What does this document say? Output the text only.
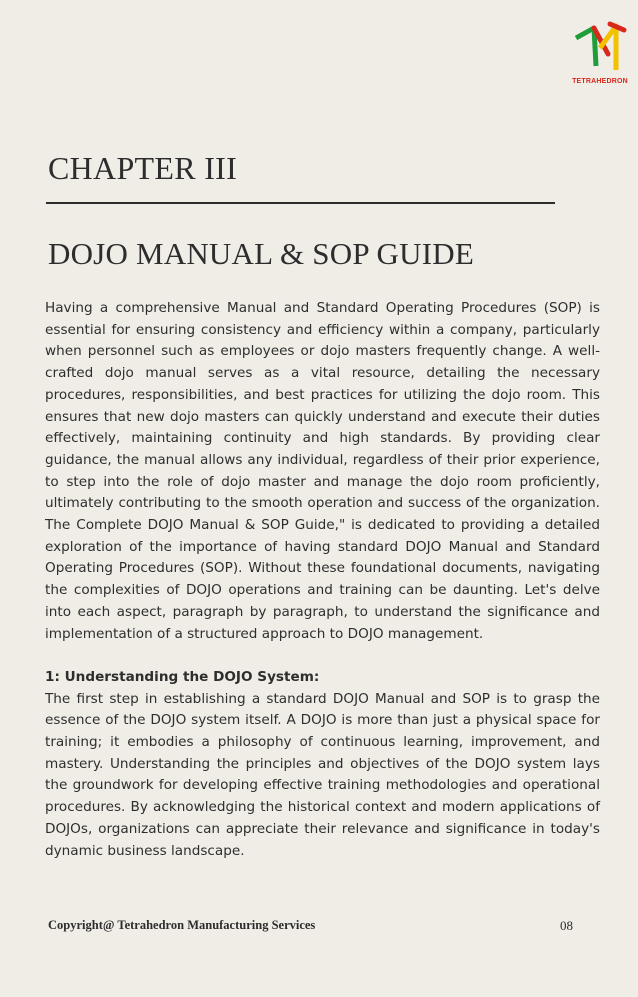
TETRAHEDRON
CHAPTER III
DOJO MANUAL & SOP GUIDE

Having a comprehensive Manual and Standard Operating Procedures (SOP) is essential for ensuring consistency and efficiency within a company, particularly when personnel such as employees or dojo masters frequently change. A well-crafted dojo manual serves as a vital resource, detailing the necessary procedures, responsibilities, and best practices for utilizing the dojo room. This ensures that new dojo masters can quickly understand and execute their duties effectively, maintaining continuity and high standards. By providing clear guidance, the manual allows any individual, regardless of their prior experience, to step into the role of dojo master and manage the dojo room proficiently, ultimately contributing to the smooth operation and success of the organization. The Complete DOJO Manual & SOP Guide," is dedicated to providing a detailed exploration of the importance of having standard DOJO Manual and Standard Operating Procedures (SOP). Without these foundational documents, navigating the complexities of DOJO operations and training can be daunting. Let's delve into each aspect, paragraph by paragraph, to understand the significance and implementation of a structured approach to DOJO management.

1: Understanding the DOJO System:

The first step in establishing a standard DOJO Manual and SOP is to grasp the essence of the DOJO system itself. A DOJO is more than just a physical space for training; it embodies a philosophy of continuous learning, improvement, and mastery. Understanding the principles and objectives of the DOJO system lays the groundwork for developing effective training methodologies and operational procedures. By acknowledging the historical context and modern applications of DOJOs, organizations can appreciate their relevance and significance in today's dynamic business landscape.

Copyright@ Tetrahedron Manufacturing Services	08
